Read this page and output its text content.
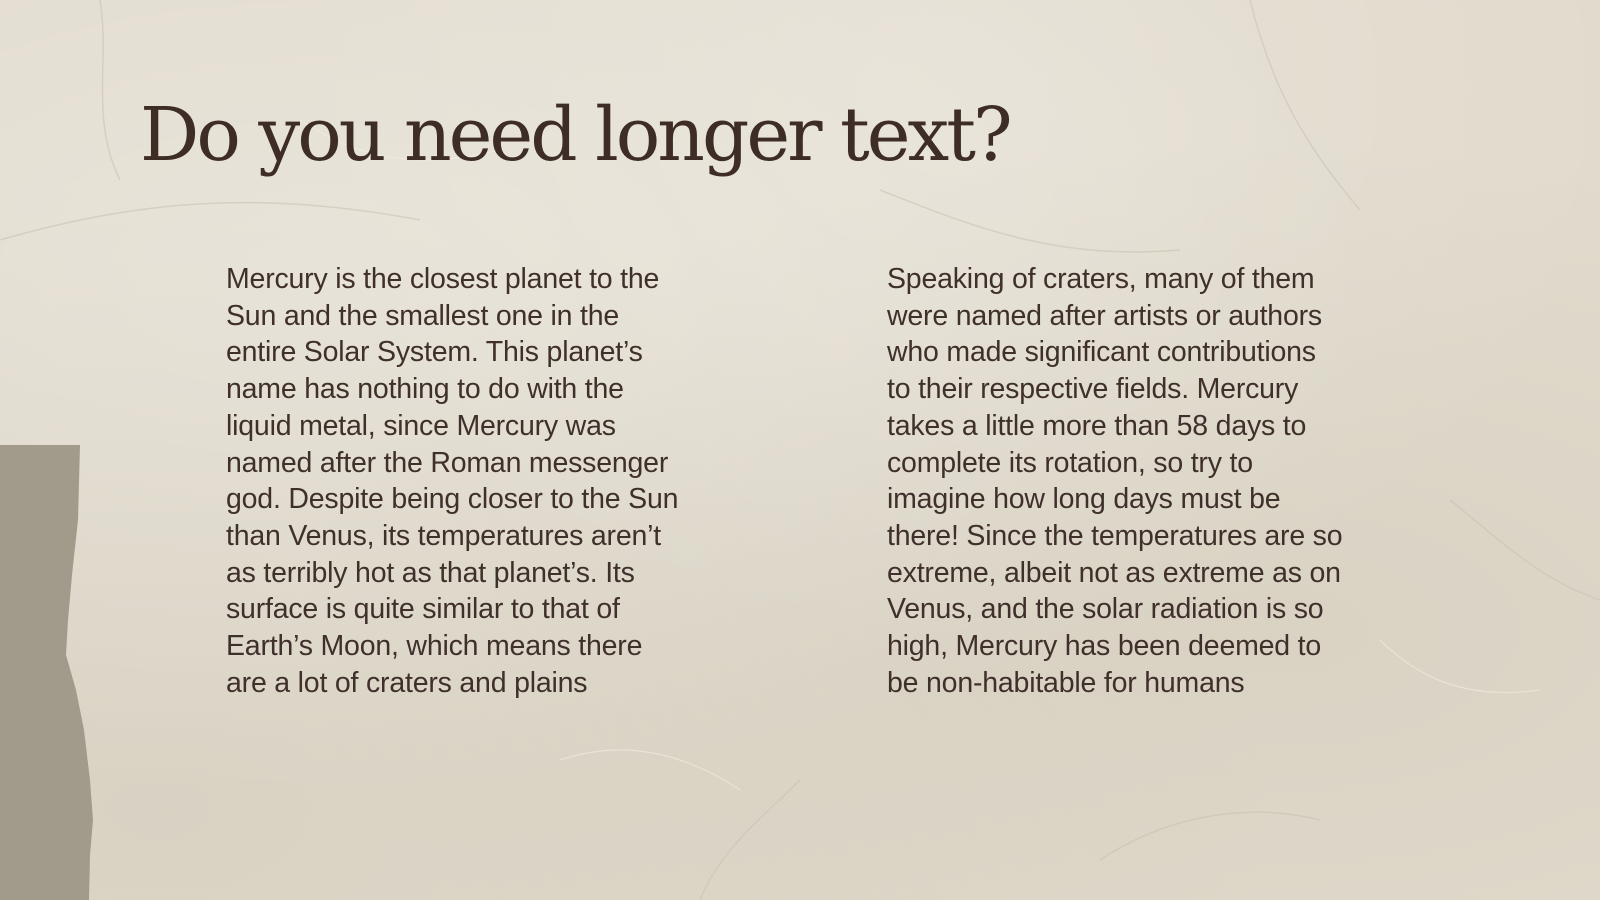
Do you need longer text?

Mercury is the closest planet to the
Sun and the smallest one in the
entire Solar System. This planet’s
name has nothing to do with the
liquid metal, since Mercury was
named after the Roman messenger
god. Despite being closer to the Sun
than Venus, its temperatures aren’t
as terribly hot as that planet’s. Its
surface is quite similar to that of
Earth’s Moon, which means there
are a lot of craters and plains

Speaking of craters, many of them
were named after artists or authors
who made significant contributions
to their respective fields. Mercury
takes a little more than 58 days to
complete its rotation, so try to
imagine how long days must be
there! Since the temperatures are so
extreme, albeit not as extreme as on
Venus, and the solar radiation is so
high, Mercury has been deemed to
be non-habitable for humans
